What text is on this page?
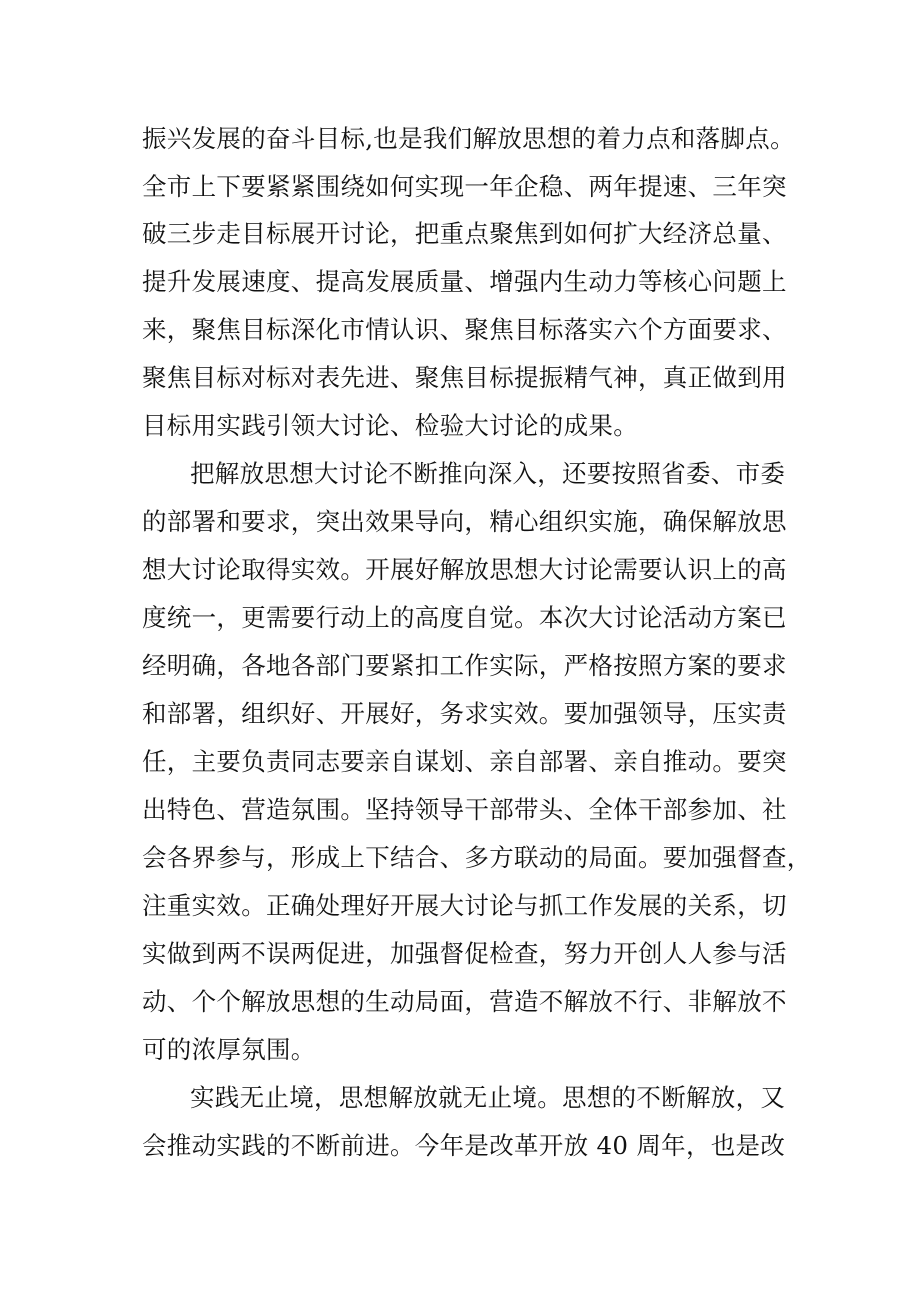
振兴发展的奋斗目标,也是我们解放思想的着力点和落脚点。
全市上下要紧紧围绕如何实现一年企稳、两年提速、三年突
破三步走目标展开讨论，把重点聚焦到如何扩大经济总量、
提升发展速度、提高发展质量、增强内生动力等核心问题上
来，聚焦目标深化市情认识、聚焦目标落实六个方面要求、
聚焦目标对标对表先进、聚焦目标提振精气神，真正做到用
目标用实践引领大讨论、检验大讨论的成果。
把解放思想大讨论不断推向深入，还要按照省委、市委
的部署和要求，突出效果导向，精心组织实施，确保解放思
想大讨论取得实效。开展好解放思想大讨论需要认识上的高
度统一，更需要行动上的高度自觉。本次大讨论活动方案已
经明确，各地各部门要紧扣工作实际，严格按照方案的要求
和部署，组织好、开展好，务求实效。要加强领导，压实责
任，主要负责同志要亲自谋划、亲自部署、亲自推动。要突
出特色、营造氛围。坚持领导干部带头、全体干部参加、社
会各界参与，形成上下结合、多方联动的局面。要加强督查，
注重实效。正确处理好开展大讨论与抓工作发展的关系，切
实做到两不误两促进，加强督促检查，努力开创人人参与活
动、个个解放思想的生动局面，营造不解放不行、非解放不
可的浓厚氛围。
实践无止境，思想解放就无止境。思想的不断解放，又
会推动实践的不断前进。今年是改革开放 40 周年，也是改
